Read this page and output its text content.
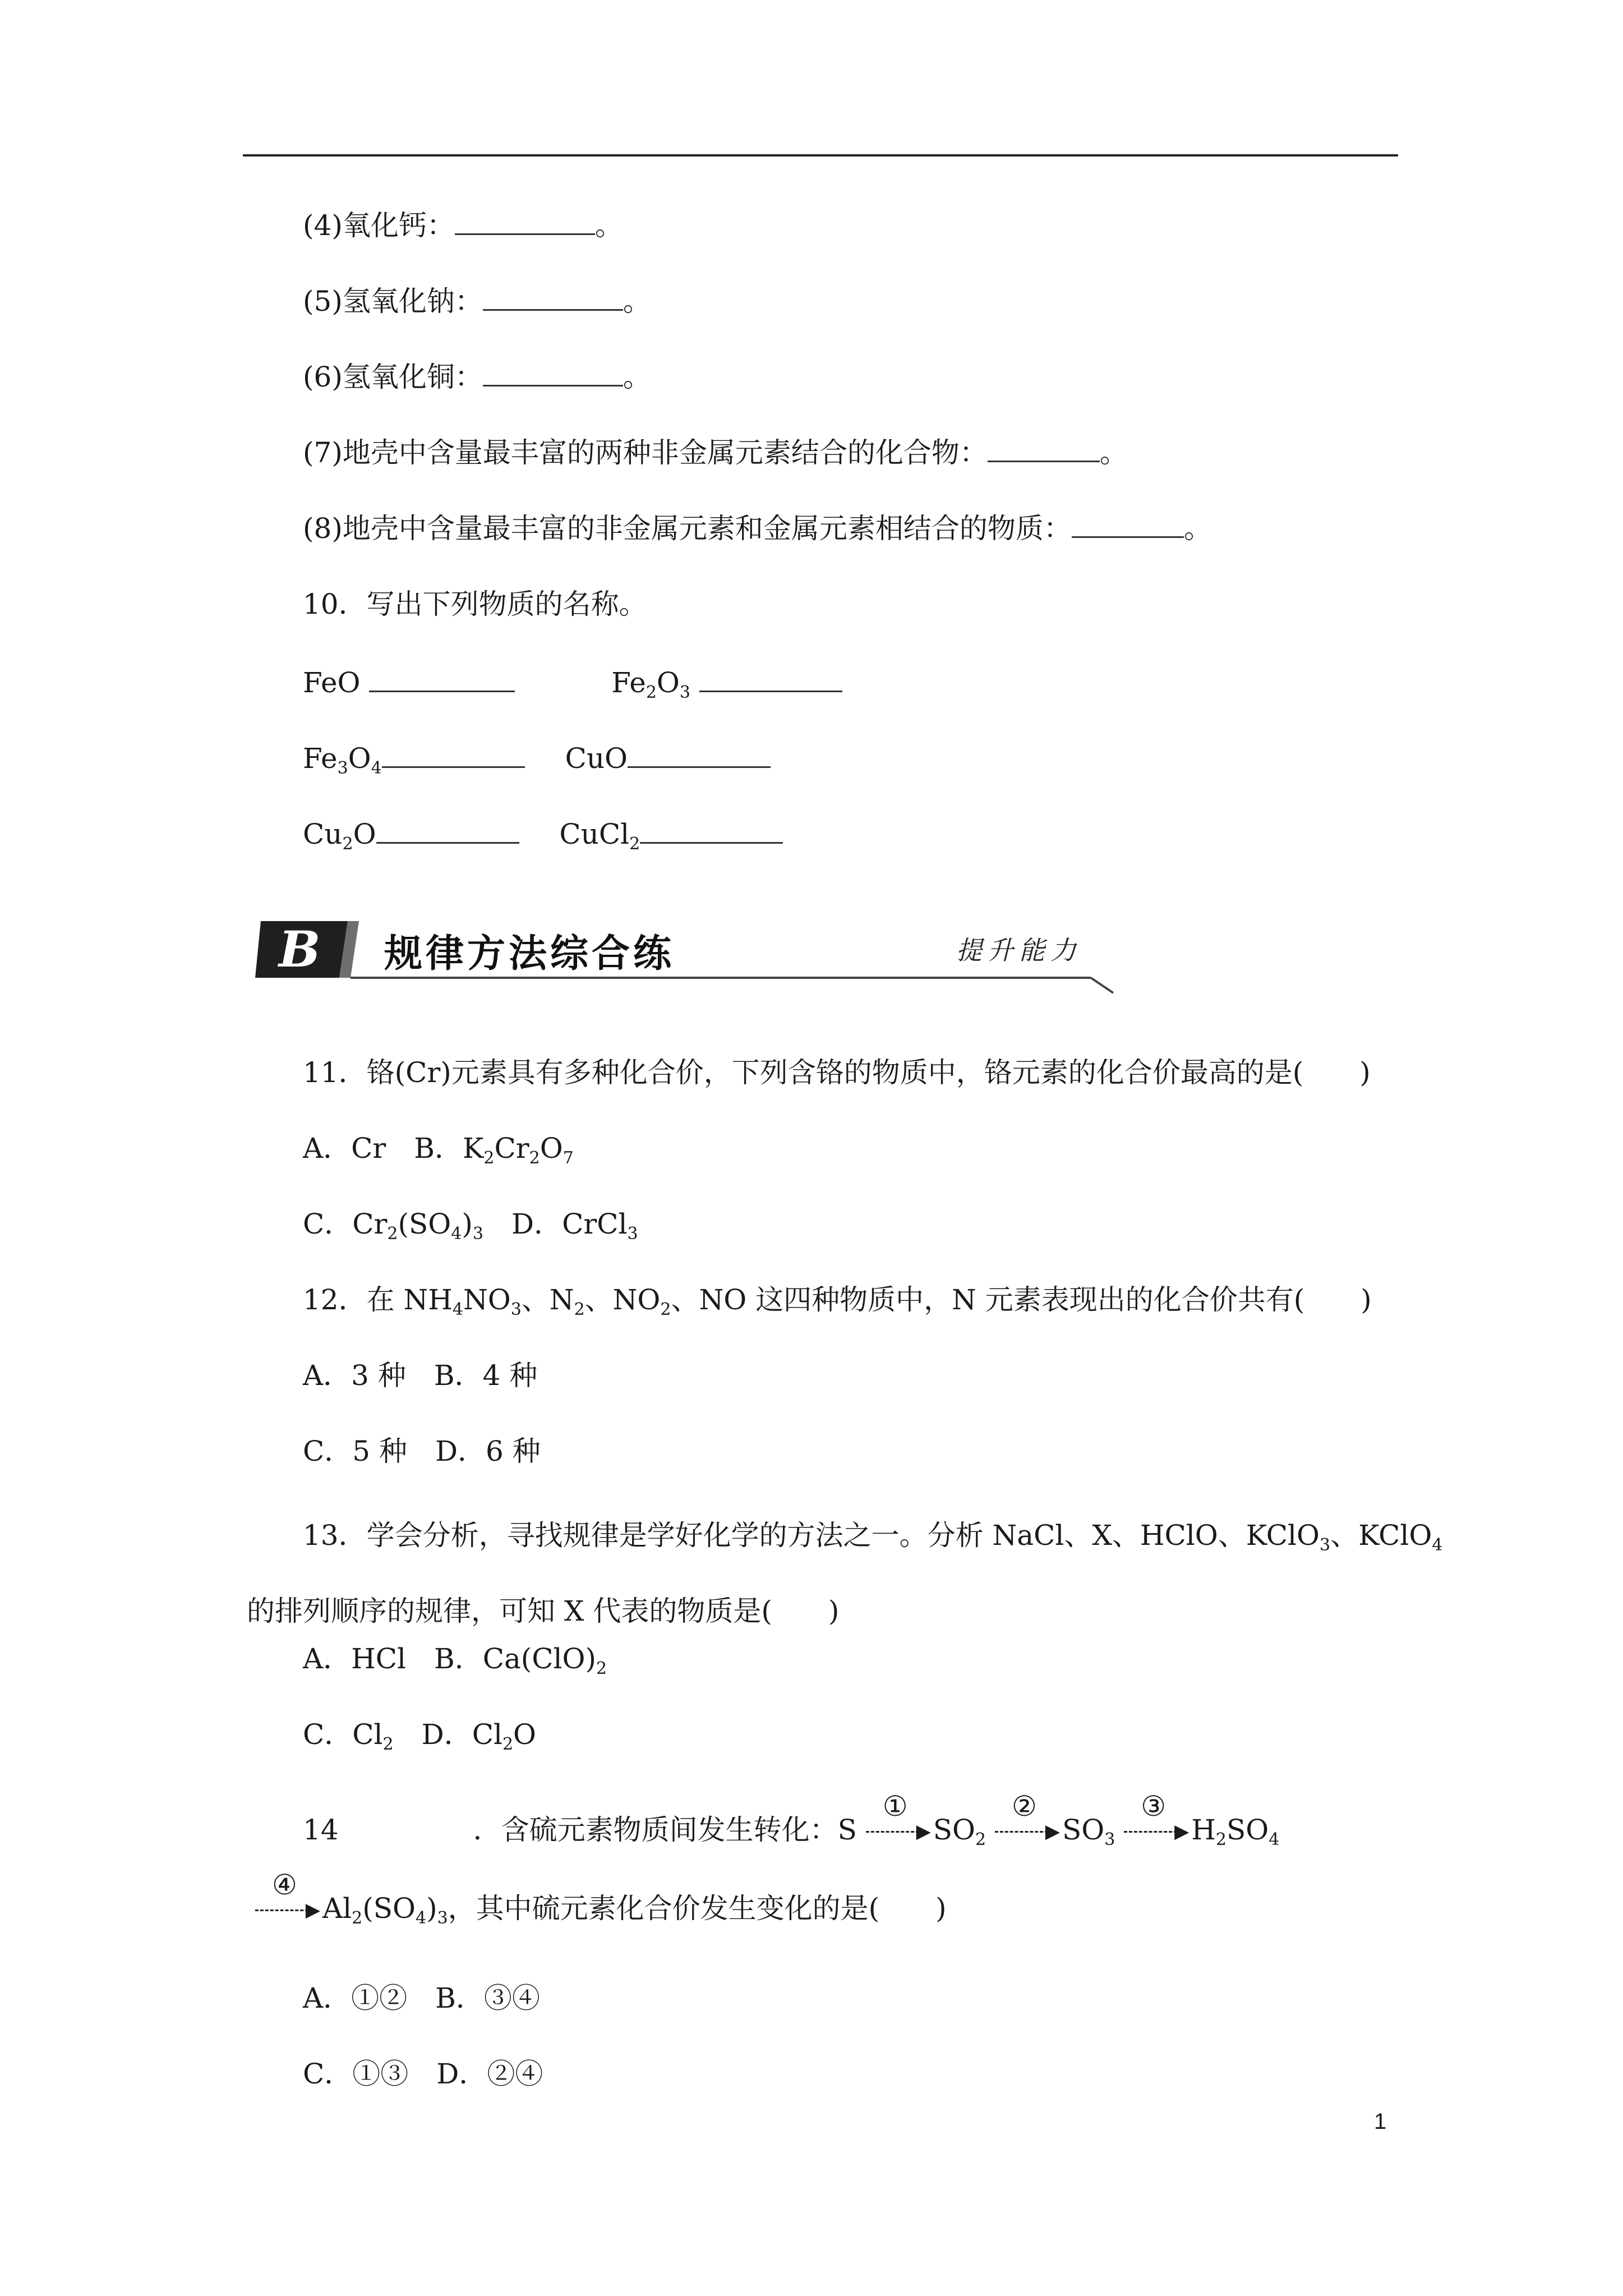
(4)氧化钙：	。
(5)氢氧化钠：	。
(6)氢氧化铜：	。
(7)地壳中含量最丰富的两种非金属元素结合的化合物：	。
(8)地壳中含量最丰富的非金属元素和金属元素相结合的物质：	。
10．写出下列物质的名称。
FeO	$Fe_2O_3$
$Fe_3O_4$	CuO
$Cu_2O$	CuCl$_2$
B 规律方法综合练	提升能力
11．铬(Cr)元素具有多种化合价，下列含铬的物质中，铬元素的化合价最高的是(　　)
A．Cr　B．$K_2Cr_2O_7$
C．$Cr_2(SO_4)_3$　D．CrCl$_3$
12．在 $NH_4NO_3$、$N_2$、$NO_2$、NO 这四种物质中，N 元素表现出的化合价共有(　　)
A．3 种　B．4 种
C．5 种　D．6 种
13．学会分析，寻找规律是学好化学的方法之一。分析 NaCl、X、HClO、KClO$_3$、KClO$_4$
的排列顺序的规律，可知 X 代表的物质是(　　)
A．HCl　B．$Ca(ClO)_2$
C．$Cl_2$　D．$Cl_2O$
14	．含硫元素物质间发生转化：S
①
▶ $SO_2$
②
▶ $SO_3$
③
▶ $H_2SO_4$
④
▶ $Al_2(SO_4)_3$，其中硫元素化合价发生变化的是(　　)
A．①②　B．③④
C．①③　D．②④
1
